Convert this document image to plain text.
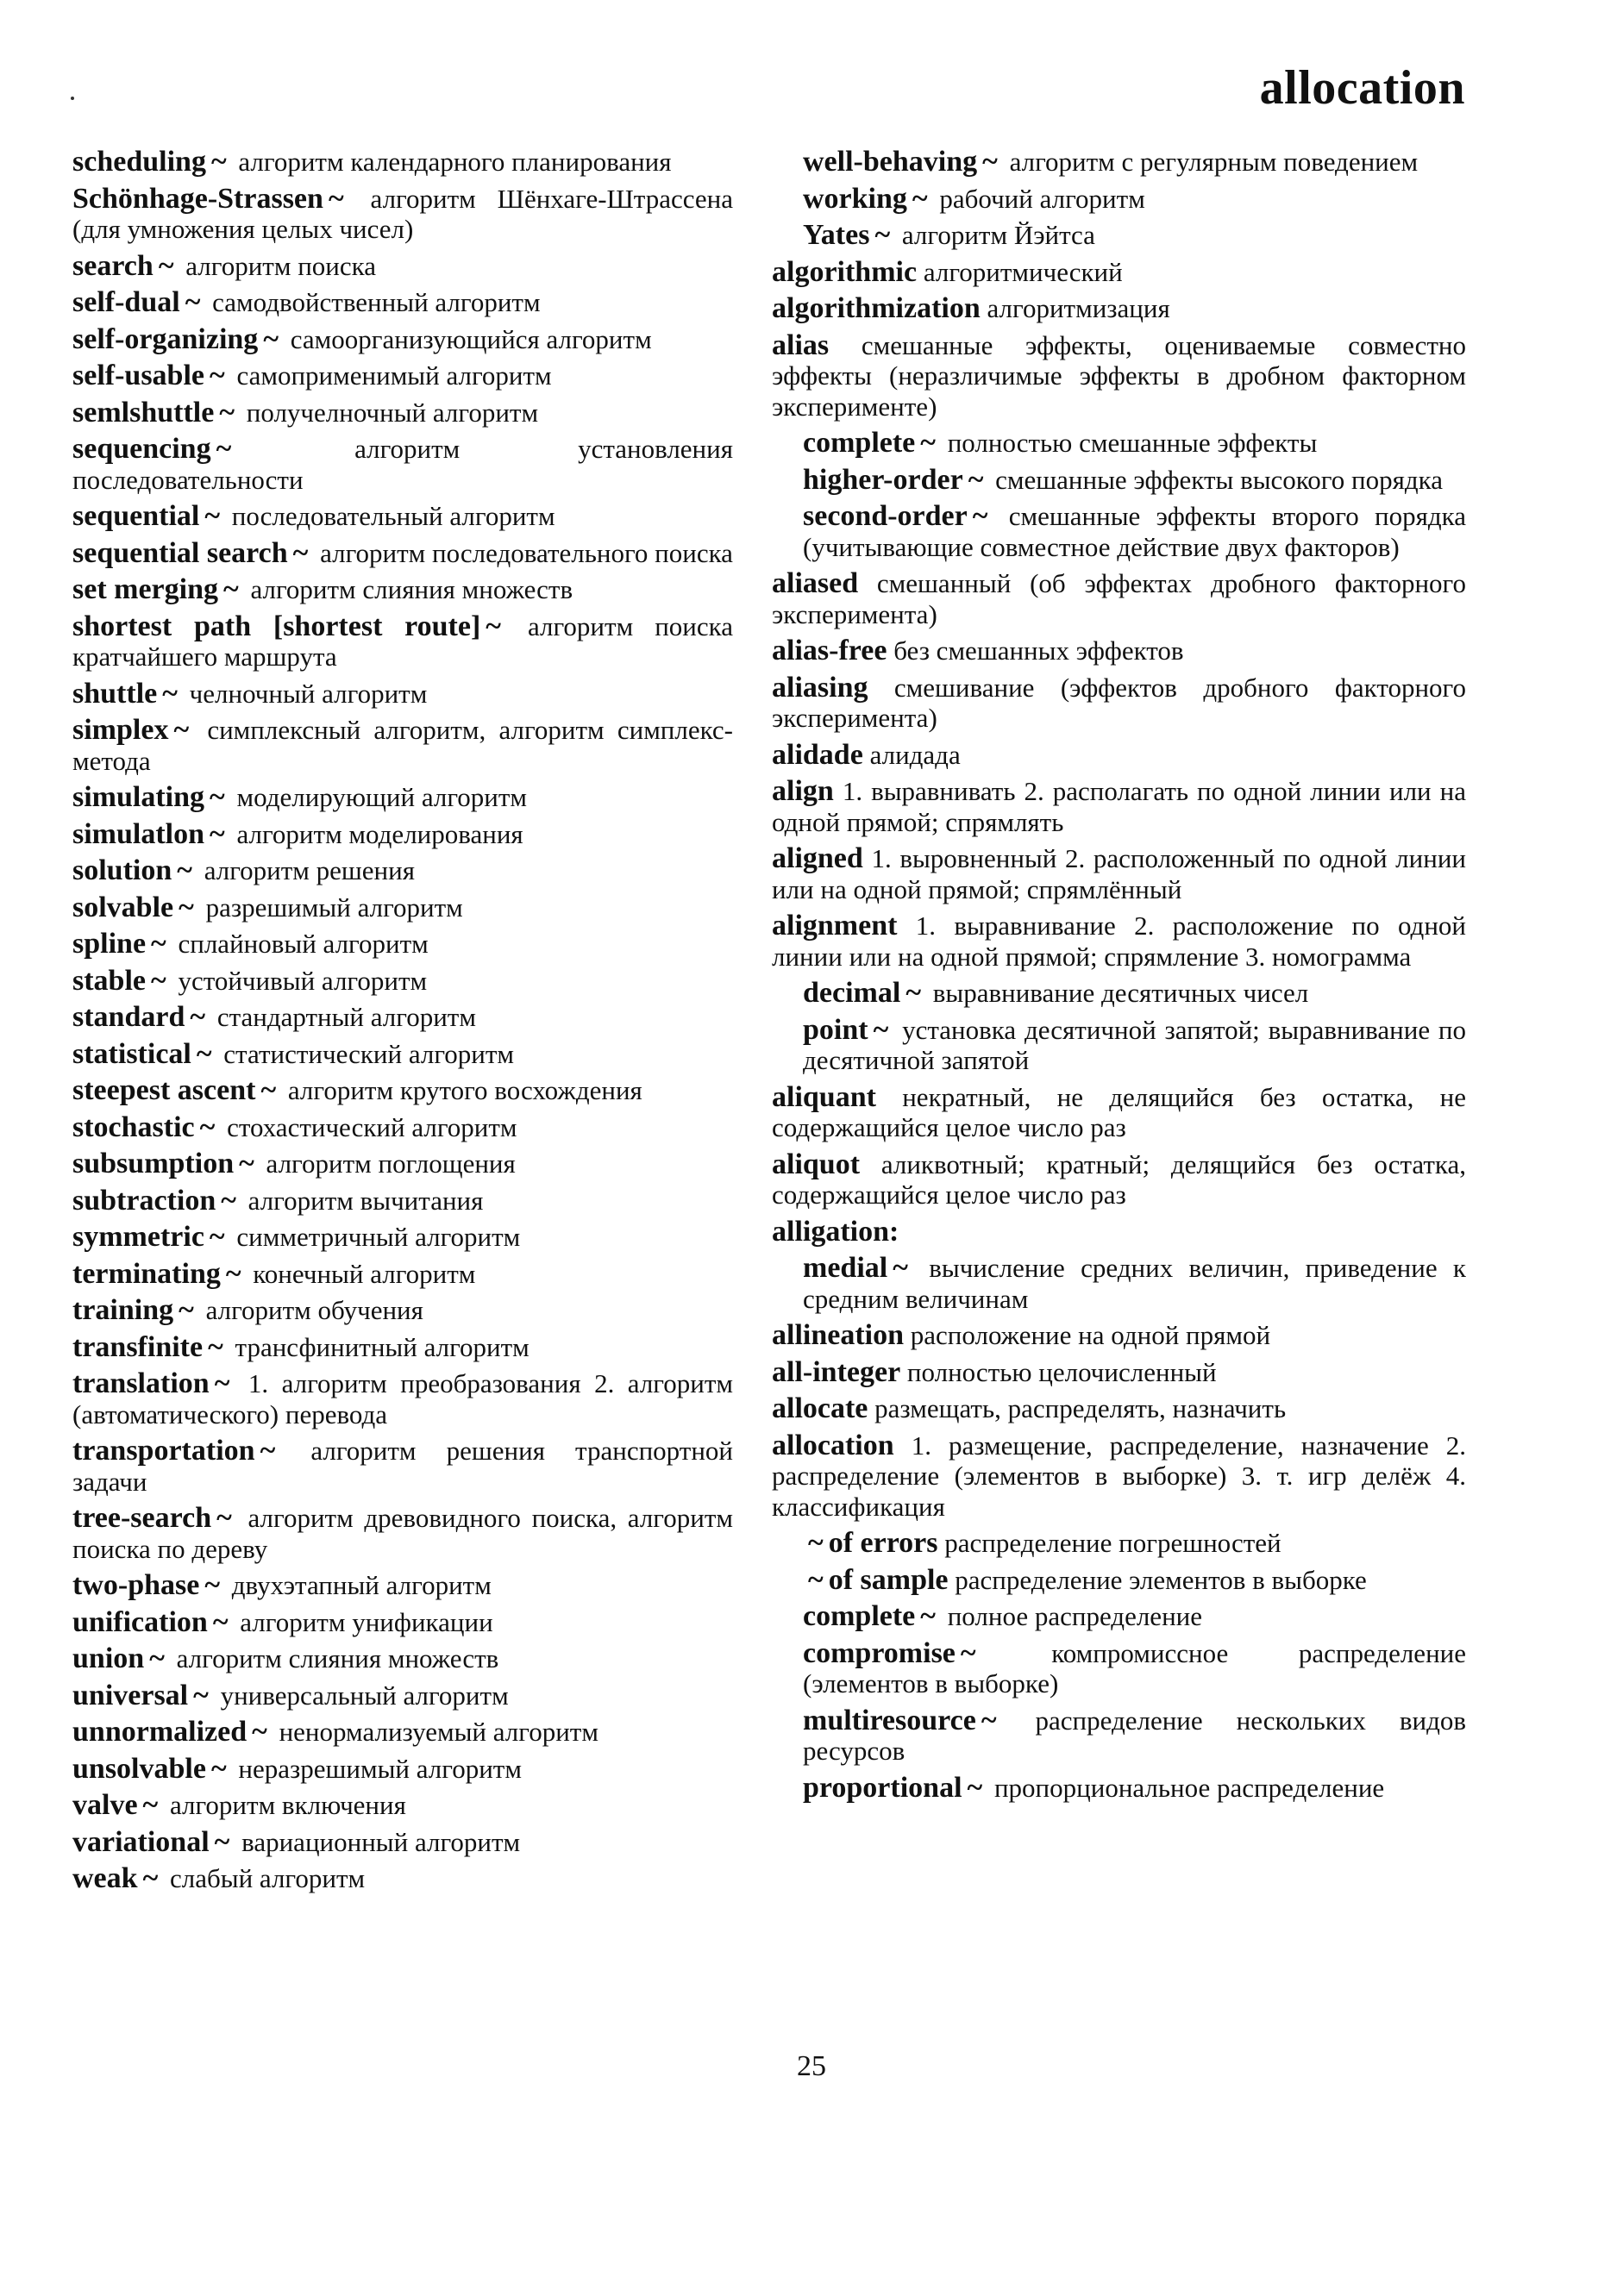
allocation
scheduling ~ алгоритм календарного планирования
Schönhage-Strassen ~ алгоритм Шёнхаге-Штрассена (для умножения целых чисел)
search ~ алгоритм поиска
self-dual ~ самодвойственный алгоритм
self-organizing ~ самоорганизующийся алгоритм
self-usable ~ самоприменимый алгоритм
semlshuttle ~ получелночный алгоритм
sequencing ~	алгоритм установления последовательности
sequential ~ последовательный алгоритм
sequential search ~ алгоритм последовательного поиска
set merging ~ алгоритм слияния множеств
shortest path [shortest route] ~ алгоритм поиска кратчайшего маршрута
shuttle ~ челночный алгоритм
simplex ~ симплексный алгоритм, алгоритм симплекс-метода
simulating ~ моделирующий алгоритм
simulatlon ~ алгоритм моделирования
solution ~ алгоритм решения
solvable ~ разрешимый алгоритм
spline ~ сплайновый алгоритм
stable ~ устойчивый алгоритм
standard ~ стандартный алгоритм
statistical ~ статистический алгоритм
steepest ascent ~ алгоритм крутого восхождения
stochastic ~ стохастический алгоритм
subsumption ~ алгоритм поглощения
subtraction ~ алгоритм вычитания
symmetric ~ симметричный алгоритм
terminating ~ конечный алгоритм
training ~ алгоритм обучения
transfinite ~ трансфинитный алгоритм
translation ~ 1. алгоритм преобразования 2. алгоритм (автоматического) перевода
transportation ~ алгоритм решения транспортной задачи
tree-search ~ алгоритм древовидного поиска, алгоритм поиска по дереву
two-phase ~ двухэтапный алгоритм
unification ~ алгоритм унификации
union ~ алгоритм слияния множеств
universal ~ универсальный алгоритм
unnormalized ~ ненормализуемый алгоритм
unsolvable ~ неразрешимый алгоритм
valve ~ алгоритм включения
variational ~ вариационный алгоритм
weak ~ слабый алгоритм
well-behaving ~ алгоритм с регулярным поведением
working ~ рабочий алгоритм
Yates ~ алгоритм Йэйтса
algorithmic алгоритмический
algorithmization алгоритмизация
alias смешанные эффекты, оцениваемые совместно эффекты (неразличимые эффекты в дробном факторном эксперименте)
complete ~ полностью смешанные эффекты
higher-order ~ смешанные эффекты высокого порядка
second-order ~ смешанные эффекты второго порядка (учитывающие совместное действие двух факторов)
aliased смешанный (об эффектах дробного факторного эксперимента)
alias-free без смешанных эффектов
aliasing смешивание (эффектов дробного факторного эксперимента)
alidade алидада
align 1. выравнивать 2. располагать по одной линии или на одной прямой; спрямлять
aligned 1. выровненный 2. расположенный по одной линии или на одной прямой; спрямлённый
alignment 1. выравнивание 2. расположение по одной линии или на одной прямой; спрямление 3. номограмма
decimal ~ выравнивание десятичных чисел
point ~ установка десятичной запятой; выравнивание по десятичной запятой
aliquant некратный, не делящийся без остатка, не содержащийся целое число раз
aliquot аликвотный; кратный; делящийся без остатка, содержащийся целое число раз
alligation:
medial ~ вычисление средних величин, приведение к средним величинам
allineation расположение на одной прямой
all-integer полностью целочисленный
allocate размещать, распределять, назначить
allocation 1. размещение, распределение, назначение 2. распределение (элементов в выборке) 3. т. игр делёж 4. классификация
~ of errors распределение погрешностей
~ of sample распределение элементов в выборке
complete ~ полное распределение
compromise ~	компромиссное распределение (элементов в выборке)
multiresource ~ распределение нескольких видов ресурсов
proportional ~ пропорциональное распределение
25
